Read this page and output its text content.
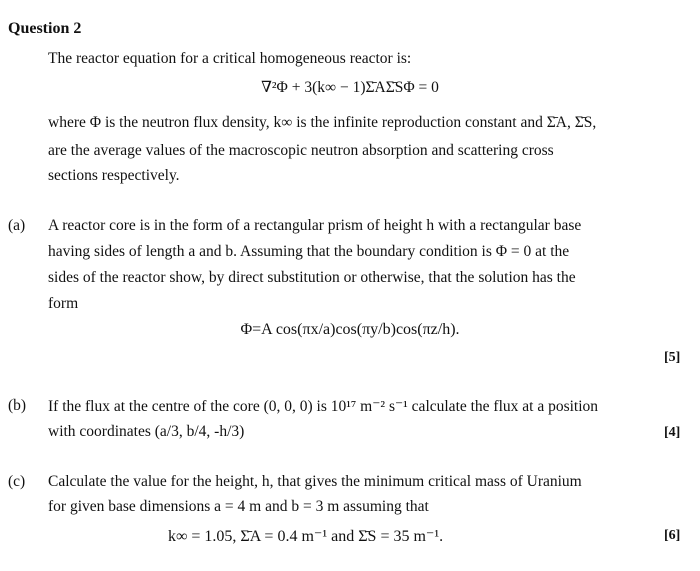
Question 2
The reactor equation for a critical homogeneous reactor is:
∇²Φ + 3(k∞ − 1)Σ̄AΣ̄SΦ = 0
where Φ is the neutron flux density, k∞ is the infinite reproduction constant and Σ̄A, Σ̄S,
are the average values of the macroscopic neutron absorption and scattering cross
sections respectively.
(a) A reactor core is in the form of a rectangular prism of height h with a rectangular base
having sides of length a and b. Assuming that the boundary condition is Φ = 0 at the
sides of the reactor show, by direct substitution or otherwise, that the solution has the
form
Φ=A cos(πx/a)cos(πy/b)cos(πz/h).
[5]
(b) If the flux at the centre of the core (0, 0, 0) is 10¹⁷ m⁻² s⁻¹ calculate the flux at a position
with coordinates (a/3, b/4, -h/3)	[4]
(c) Calculate the value for the height, h, that gives the minimum critical mass of Uranium
for given base dimensions a = 4 m and b = 3 m assuming that
k∞ = 1.05, Σ̄A = 0.4 m⁻¹ and Σ̄S = 35 m⁻¹.	[6]
